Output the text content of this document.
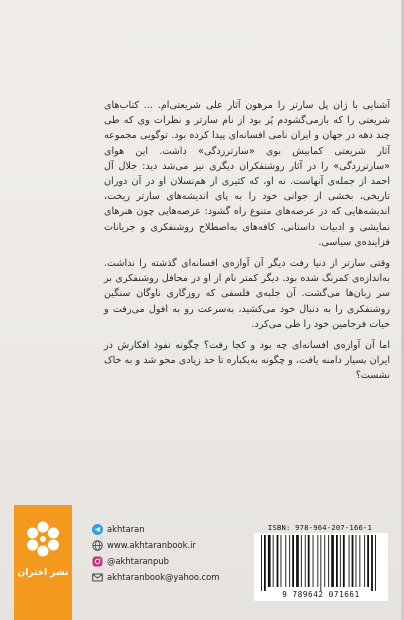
آشنایی با ژان پل سارتر را مرهون آثار علی شریعتی‌ام. ... کتاب‌های شریعتی را که بازمی‌گشودم پُر بود از نام سارتر و نظرات وی که طی چند دهه در جهان و ایران نامی افسانه‌ای پیدا کرده بود. توگویی مجموعه آثار شریعتی کمابیش بوی «سارترزدگی» داشت. این هوای «سارترزدگی» را در آثار روشنفکران دیگری نیز می‌شد دید: جلال آل احمد از جمله‌ی آنهاست. نه او، که کثیری از هم‌نسلان او در آن دوران تاریخی، بخشی از جوانی خود را به پای اندیشه‌های سارتر ریخت، اندیشه‌هایی که در عرصه‌های متنوع راه گشود: عرصه‌هایی چون هنرهای نمایشی و ادبیات داستانی، کافه‌های به‌اصطلاح روشنفکری و جریانات فزاینده‌ی سیاسی.

وقتی سارتر از دنیا رفت دیگر آن آوازه‌ی افسانه‌ای گذشته را نداشت. به‌اندازه‌ی کمرنگ شده بود. دیگر کمتر نام از او در محافل روشنفکری بر سر زبان‌ها می‌گشت. آن جلبه‌ی فلسفی که روزگاری ناوگان سنگین روشنفکری را به دنبال خود می‌کشید، به‌سرعت رو به افول می‌رفت و حیات فرجامین خود را طی می‌کرد.

اما آن آوازه‌ی افسانه‌ای چه بود و کجا رفت؟ چگونه نفوذ افکارش در ایران بسیار دامنه یافت، و چگونه به‌یکباره تا حد زیادی محو شد و به خاک نشست؟

نشر اختران
akhtaran
www.akhtaranbook.ir
@akhtaranpub
akhtaranbook@yahoo.com
ISBN: 978-964-207-166-1
9 789642 071661
